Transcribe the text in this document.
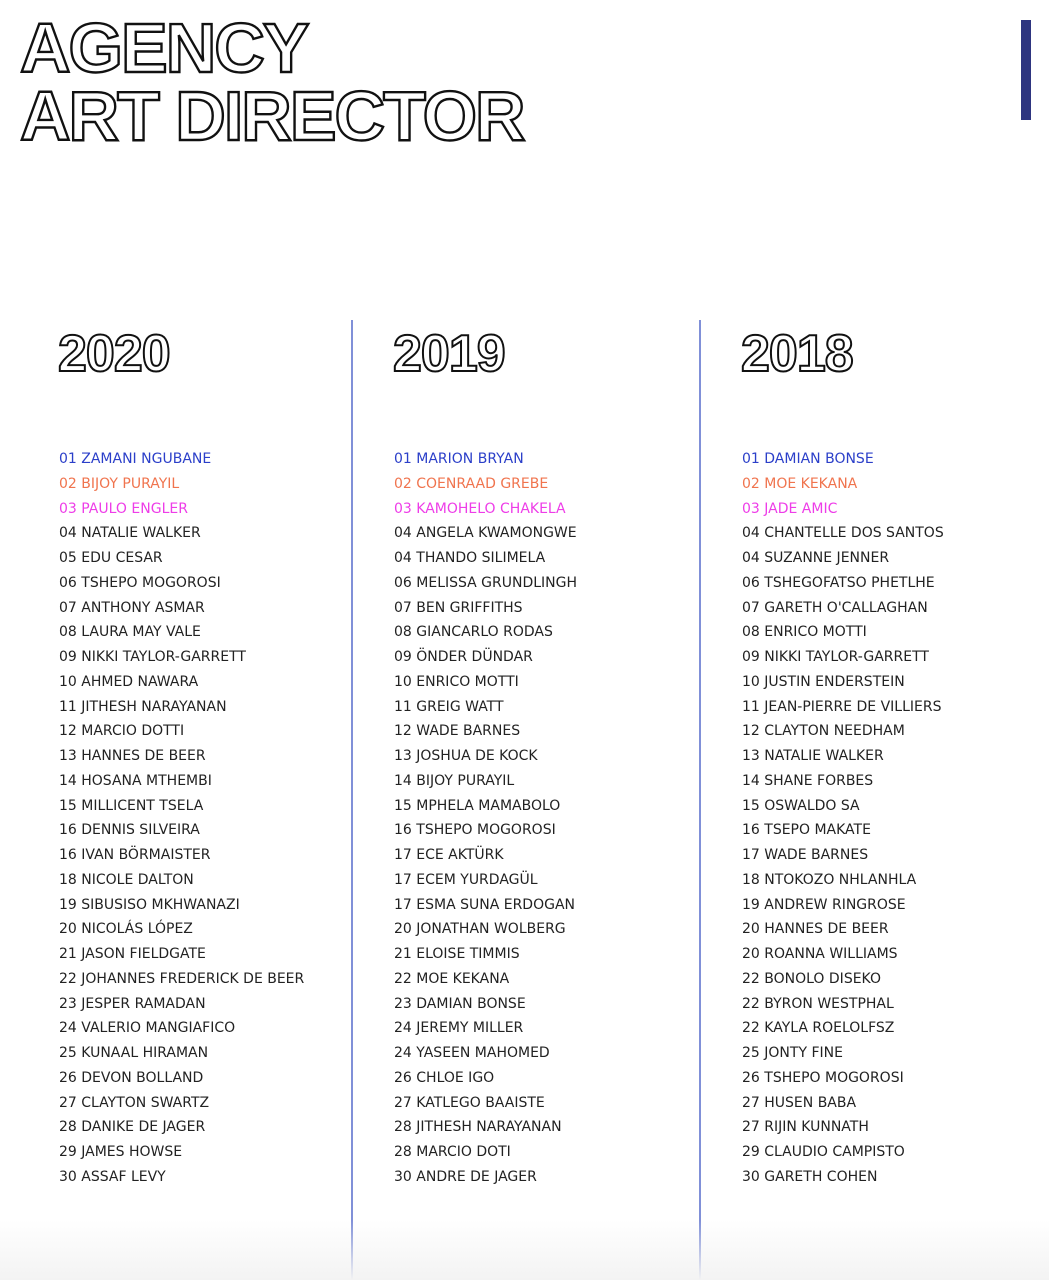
AGENCY
ART DIRECTOR
2020
01 ZAMANI NGUBANE
02 BIJOY PURAYIL
03 PAULO ENGLER
04 NATALIE WALKER
05 EDU CESAR
06 TSHEPO MOGOROSI
07 ANTHONY ASMAR
08 LAURA MAY VALE
09 NIKKI TAYLOR-GARRETT
10 AHMED NAWARA
11 JITHESH NARAYANAN
12 MARCIO DOTTI
13 HANNES DE BEER
14 HOSANA MTHEMBI
15 MILLICENT TSELA
16 DENNIS SILVEIRA
16 IVAN BÖRMAISTER
18 NICOLE DALTON
19 SIBUSISO MKHWANAZI
20 NICOLÁS LÓPEZ
21 JASON FIELDGATE
22 JOHANNES FREDERICK DE BEER
23 JESPER RAMADAN
24 VALERIO MANGIAFICO
25 KUNAAL HIRAMAN
26 DEVON BOLLAND
27 CLAYTON SWARTZ
28 DANIKE DE JAGER
29 JAMES HOWSE
30 ASSAF LEVY
2019
01 MARION BRYAN
02 COENRAAD GREBE
03 KAMOHELO CHAKELA
04 ANGELA KWAMONGWE
04 THANDO SILIMELA
06 MELISSA GRUNDLINGH
07 BEN GRIFFITHS
08 GIANCARLO RODAS
09 ÖNDER DÜNDAR
10 ENRICO MOTTI
11 GREIG WATT
12 WADE BARNES
13 JOSHUA DE KOCK
14 BIJOY PURAYIL
15 MPHELA MAMABOLO
16 TSHEPO MOGOROSI
17 ECE AKTÜRK
17 ECEM YURDAGÜL
17 ESMA SUNA ERDOGAN
20 JONATHAN WOLBERG
21 ELOISE TIMMIS
22 MOE KEKANA
23 DAMIAN BONSE
24 JEREMY MILLER
24 YASEEN MAHOMED
26 CHLOE IGO
27 KATLEGO BAAISTE
28 JITHESH NARAYANAN
28 MARCIO DOTI
30 ANDRE DE JAGER
2018
01 DAMIAN BONSE
02 MOE KEKANA
03 JADE AMIC
04 CHANTELLE DOS SANTOS
04 SUZANNE JENNER
06 TSHEGOFATSO PHETLHE
07 GARETH O'CALLAGHAN
08 ENRICO MOTTI
09 NIKKI TAYLOR-GARRETT
10 JUSTIN ENDERSTEIN
11 JEAN-PIERRE DE VILLIERS
12 CLAYTON NEEDHAM
13 NATALIE WALKER
14 SHANE FORBES
15 OSWALDO SA
16 TSEPO MAKATE
17 WADE BARNES
18 NTOKOZO NHLANHLA
19 ANDREW RINGROSE
20 HANNES DE BEER
20 ROANNA WILLIAMS
22 BONOLO DISEKO
22 BYRON WESTPHAL
22 KAYLA ROELOLFSZ
25 JONTY FINE
26 TSHEPO MOGOROSI
27 HUSEN BABA
27 RIJIN KUNNATH
29 CLAUDIO CAMPISTO
30 GARETH COHEN
